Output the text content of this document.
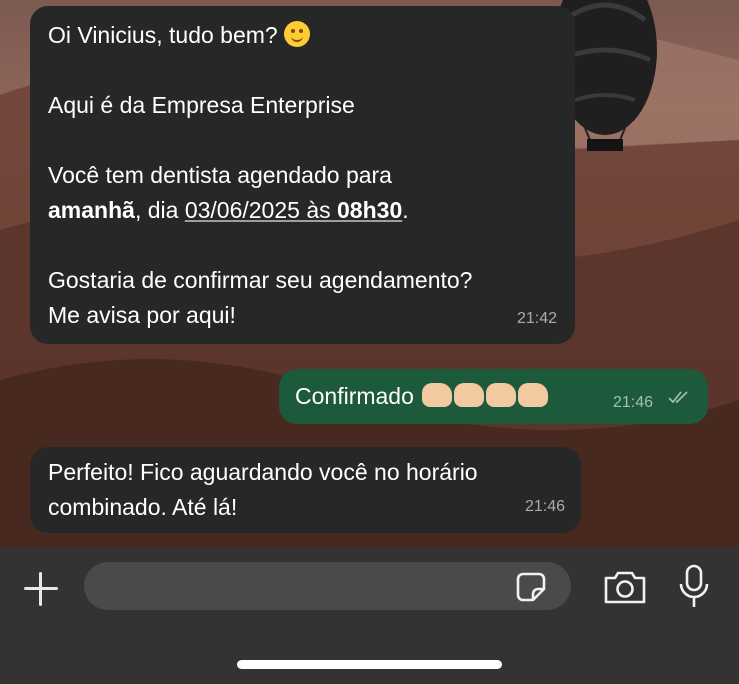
Oi Vinicius, tudo bem?

Aqui é da Empresa Enterprise

Você tem dentista agendado para

amanhã, dia 03/06/2025 às 08h30.

Gostaria de confirmar seu agendamento?

Me avisa por aqui!	21:42

Confirmado	21:46

Perfeito! Fico aguardando você no horário

combinado. Até lá!	21:46
